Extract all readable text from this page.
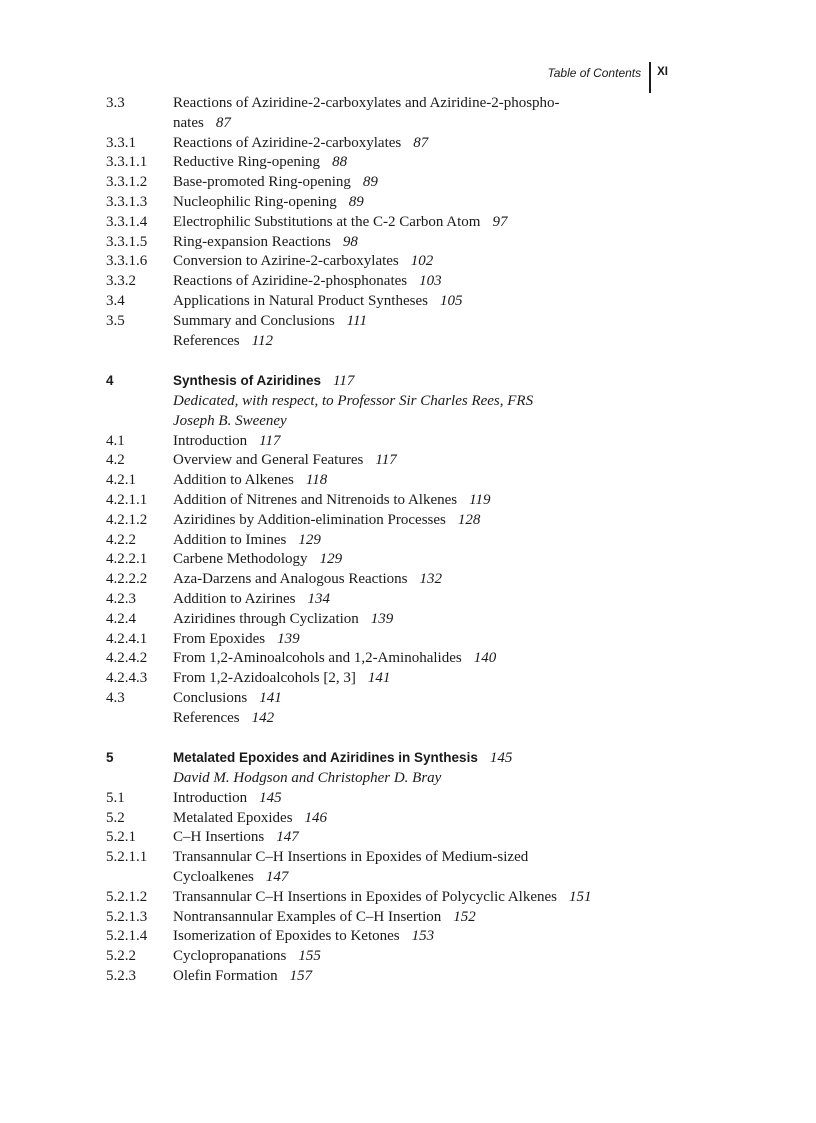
Table of Contents XI
3.3	Reactions of Aziridine-2-carboxylates and Aziridine-2-phospho-
nates 87
3.3.1	Reactions of Aziridine-2-carboxylates 87
3.3.1.1	Reductive Ring-opening 88
3.3.1.2	Base-promoted Ring-opening 89
3.3.1.3	Nucleophilic Ring-opening 89
3.3.1.4	Electrophilic Substitutions at the C-2 Carbon Atom 97
3.3.1.5	Ring-expansion Reactions 98
3.3.1.6	Conversion to Azirine-2-carboxylates 102
3.3.2	Reactions of Aziridine-2-phosphonates 103
3.4	Applications in Natural Product Syntheses 105
3.5	Summary and Conclusions 111
References 112
4	Synthesis of Aziridines 117
Dedicated, with respect, to Professor Sir Charles Rees, FRS
Joseph B. Sweeney
4.1	Introduction 117
4.2	Overview and General Features 117
4.2.1	Addition to Alkenes 118
4.2.1.1	Addition of Nitrenes and Nitrenoids to Alkenes 119
4.2.1.2	Aziridines by Addition-elimination Processes 128
4.2.2	Addition to Imines 129
4.2.2.1	Carbene Methodology 129
4.2.2.2	Aza-Darzens and Analogous Reactions 132
4.2.3	Addition to Azirines 134
4.2.4	Aziridines through Cyclization 139
4.2.4.1	From Epoxides 139
4.2.4.2	From 1,2-Aminoalcohols and 1,2-Aminohalides 140
4.2.4.3	From 1,2-Azidoalcohols [2, 3] 141
4.3	Conclusions 141
References 142
5	Metalated Epoxides and Aziridines in Synthesis 145
David M. Hodgson and Christopher D. Bray
5.1	Introduction 145
5.2	Metalated Epoxides 146
5.2.1	C–H Insertions 147
5.2.1.1	Transannular C–H Insertions in Epoxides of Medium-sized
Cycloalkenes 147
5.2.1.2	Transannular C–H Insertions in Epoxides of Polycyclic Alkenes 151
5.2.1.3	Nontransannular Examples of C–H Insertion 152
5.2.1.4	Isomerization of Epoxides to Ketones 153
5.2.2	Cyclopropanations 155
5.2.3	Olefin Formation 157
